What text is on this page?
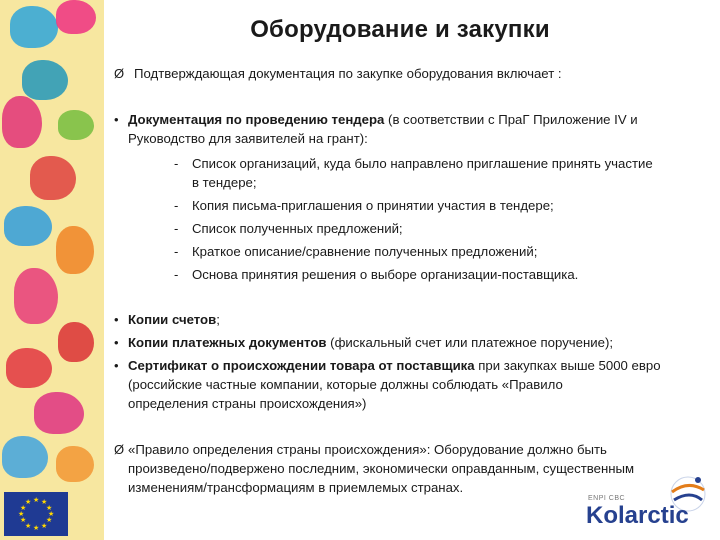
★ ★
★
★
★
★
★
★
★
★
★
★
Оборудование и закупки
Ø Подтверждающая документация по закупке оборудования включает :
• Документация по проведению тендера (в соответствии с ПраГ Приложение IV и
Руководство для заявителей на грант):
- Список организаций, куда было направлено приглашение принять участие
в тендере;
- Копия письма-приглашения о принятии участия в тендере;
- Список полученных предложений;
- Краткое описание/сравнение полученных предложений;
- Основа принятия решения о выборе организации-поставщика.
• Копии счетов;
• Копии платежных документов (фискальный счет или платежное поручение);
• Сертификат о происхождении товара от поставщика при закупках выше 5000 евро
(российские частные компании, которые должны соблюдать «Правило
определения страны происхождения»)
Ø «Правило определения страны происхождения»: Оборудование должно быть
произведено/подвержено последним, экономически оправданным, существенным
изменениям/трансформациям в приемлемых странах.
ENPI CBC
Kolarctic
